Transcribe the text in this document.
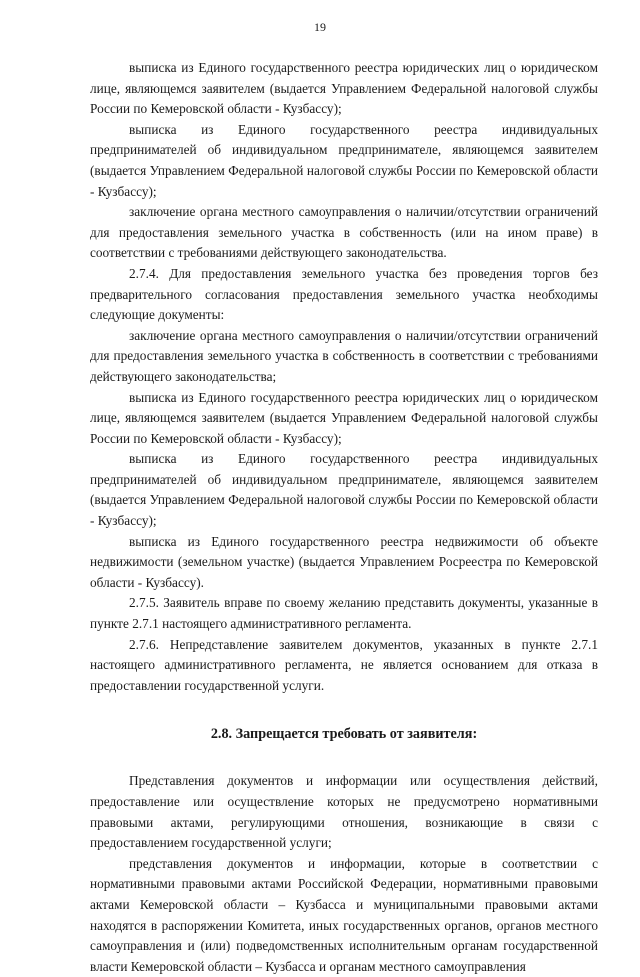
19

выписка из Единого государственного реестра юридических лиц о юридическом лице, являющемся заявителем (выдается Управлением Федеральной налоговой службы России по Кемеровской области - Кузбассу);

выписка из Единого государственного реестра индивидуальных предпринимателей об индивидуальном предпринимателе, являющемся заявителем (выдается Управлением Федеральной налоговой службы России по Кемеровской области - Кузбассу);

заключение органа местного самоуправления о наличии/отсутствии ограничений для предоставления земельного участка в собственность (или на ином праве) в соответствии с требованиями действующего законодательства.

2.7.4. Для предоставления земельного участка без проведения торгов без предварительного согласования предоставления земельного участка необходимы следующие документы:

заключение органа местного самоуправления о наличии/отсутствии ограничений для предоставления земельного участка в собственность в соответствии с требованиями действующего законодательства;

выписка из Единого государственного реестра юридических лиц о юридическом лице, являющемся заявителем (выдается Управлением Федеральной налоговой службы России по Кемеровской области - Кузбассу);

выписка из Единого государственного реестра индивидуальных предпринимателей об индивидуальном предпринимателе, являющемся заявителем (выдается Управлением Федеральной налоговой службы России по Кемеровской области - Кузбассу);

выписка из Единого государственного реестра недвижимости об объекте недвижимости (земельном участке) (выдается Управлением Росреестра по Кемеровской области - Кузбассу).

2.7.5. Заявитель вправе по своему желанию представить документы, указанные в пункте 2.7.1 настоящего административного регламента.

2.7.6. Непредставление заявителем документов, указанных в пункте 2.7.1 настоящего административного регламента, не является основанием для отказа в предоставлении государственной услуги.

2.8. Запрещается требовать от заявителя:

Представления документов и информации или осуществления действий, предоставление или осуществление которых не предусмотрено нормативными правовыми актами, регулирующими отношения, возникающие в связи с предоставлением государственной услуги;

представления документов и информации, которые в соответствии с нормативными правовыми актами Российской Федерации, нормативными правовыми актами Кемеровской области – Кузбасса и муниципальными правовыми актами находятся в распоряжении Комитета, иных государственных органов, органов местного самоуправления и (или) подведомственных исполнительным органам государственной власти Кемеровской области – Кузбасса и органам местного самоуправления
